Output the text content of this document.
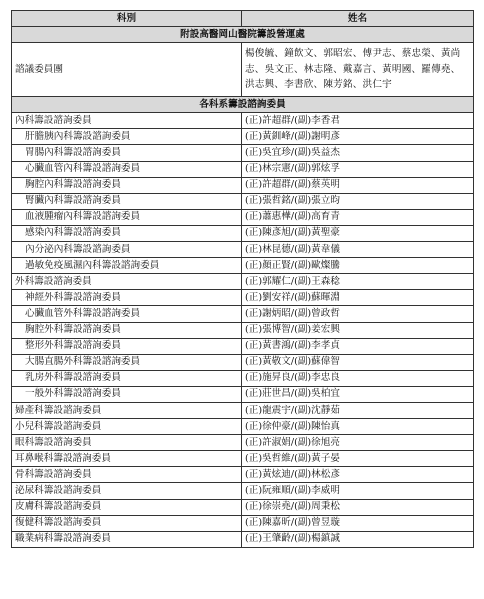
科別	姓名
附設高醫岡山醫院籌設營運處	
諮議委員團	楊俊毓、鐘飲文、郭昭宏、傅尹志、蔡忠榮、黃尚志、吳文正、林志隆、戴嘉言、黃明國、羅傳堯、洪志興、李書欣、陳芳銘、洪仁宇
各科系籌設諮詢委員	
內科籌設諮詢委員	(正)許超群/(副)李香君
肝膽胰內科籌設諮詢委員	(正)黃釧峰/(副)謝明彥
胃腸內科籌設諮詢委員	(正)吳宜珍/(副)吳益杰
心臟血管內科籌設諮詢委員	(正)林宗憲/(副)郭炫孚
胸腔內科籌設諮詢委員	(正)許超群/(副)蔡英明
腎臟內科籌設諮詢委員	(正)張哲銘/(副)張立昀
血液腫瘤內科籌設諮詢委員	(正)蕭惠樺/(副)高育青
感染內科籌設諮詢委員	(正)陳彥旭/(副)黃聖豪
內分泌內科籌設諮詢委員	(正)林昆德/(副)黃韋儀
過敏免疫風濕內科籌設諮詢委員	(正)顏正賢/(副)歐燦騰
外科籌設諮詢委員	(正)郭耀仁/(副)王森稔
神經外科籌設諮詢委員	(正)劉安祥/(副)蘇暉淵
心臟血管外科籌設諮詢委員	(正)謝炳昭/(副)曾政哲
胸腔外科籌設諮詢委員	(正)張博智/(副)姜宏興
整形外科籌設諮詢委員	(正)黃書鴻/(副)李孝貞
大腸直腸外科籌設諮詢委員	(正)黃敬文/(副)蘇偉智
乳房外科籌設諮詢委員	(正)施昇良/(副)李忠良
一般外科籌設諮詢委員	(正)莊世昌/(副)吳柏宜
婦產科籌設諮詢委員	(正)龍震宇/(副)沈靜茹
小兒科籌設諮詢委員	(正)徐仲豪/(副)陳怡真
眼科籌設諮詢委員	(正)許淑娟/(副)徐旭亮
耳鼻喉科籌設諮詢委員	(正)吳哲維/(副)黃子晏
骨科籌設諮詢委員	(正)黃炫迪/(副)林松彥
泌尿科籌設諮詢委員	(正)阮雍順/(副)李威明
皮膚科籌設諮詢委員	(正)徐崇堯/(副)周秉松
復健科籌設諮詢委員	(正)陳嘉昕/(副)曾昱璇
職業病科籌設諮詢委員	(正)王肇齡/(副)楊鎮誠
